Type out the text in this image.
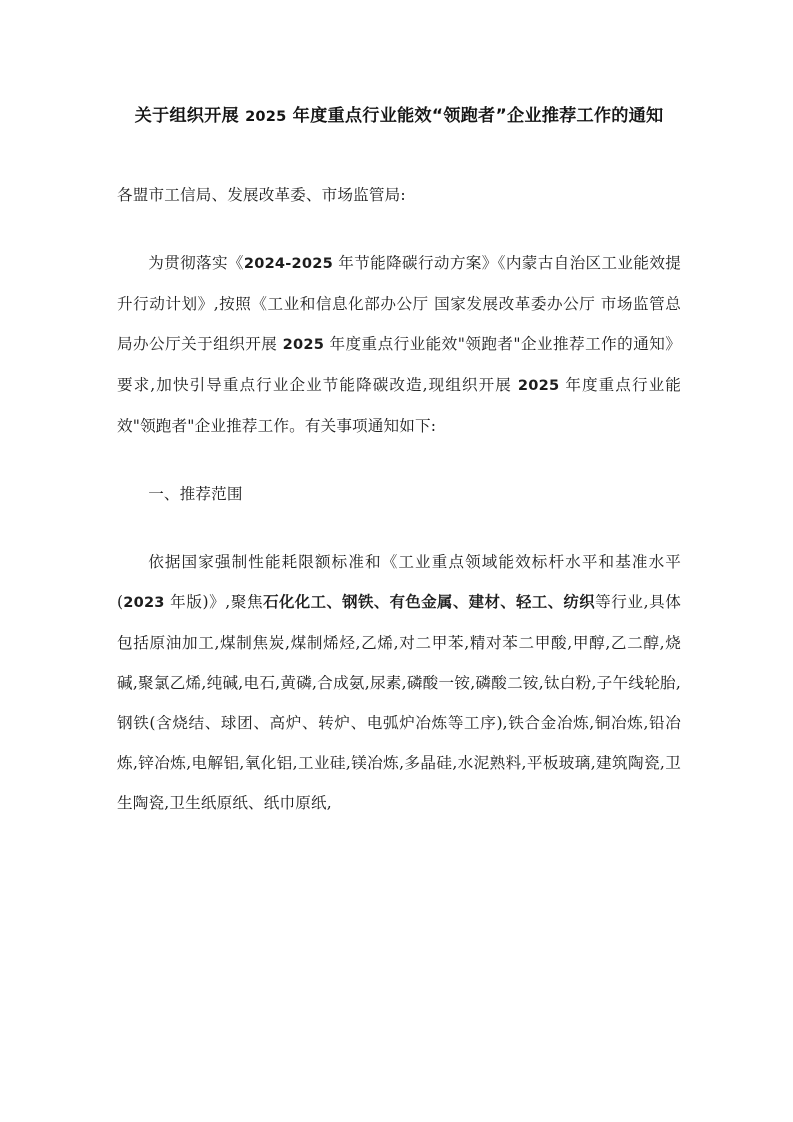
关于组织开展 2025 年度重点行业能效“领跑者”企业推荐工作的通知

各盟市工信局、发展改革委、市场监管局:

为贯彻落实《2024-2025 年节能降碳行动方案》《内蒙古自治区工业能效提升行动计划》,按照《工业和信息化部办公厅 国家发展改革委办公厅 市场监管总局办公厅关于组织开展 2025 年度重点行业能效"领跑者"企业推荐工作的通知》要求,加快引导重点行业企业节能降碳改造,现组织开展 2025 年度重点行业能效"领跑者"企业推荐工作。有关事项通知如下:

一、推荐范围

依据国家强制性能耗限额标准和《工业重点领域能效标杆水平和基准水平(2023 年版)》,聚焦石化化工、钢铁、有色金属、建材、轻工、纺织等行业,具体包括原油加工,煤制焦炭,煤制烯烃,乙烯,对二甲苯,精对苯二甲酸,甲醇,乙二醇,烧碱,聚氯乙烯,纯碱,电石,黄磷,合成氨,尿素,磷酸一铵,磷酸二铵,钛白粉,子午线轮胎,钢铁(含烧结、球团、高炉、转炉、电弧炉冶炼等工序),铁合金冶炼,铜冶炼,铅冶炼,锌冶炼,电解铝,氧化铝,工业硅,镁冶炼,多晶硅,水泥熟料,平板玻璃,建筑陶瓷,卫生陶瓷,卫生纸原纸、纸巾原纸,
